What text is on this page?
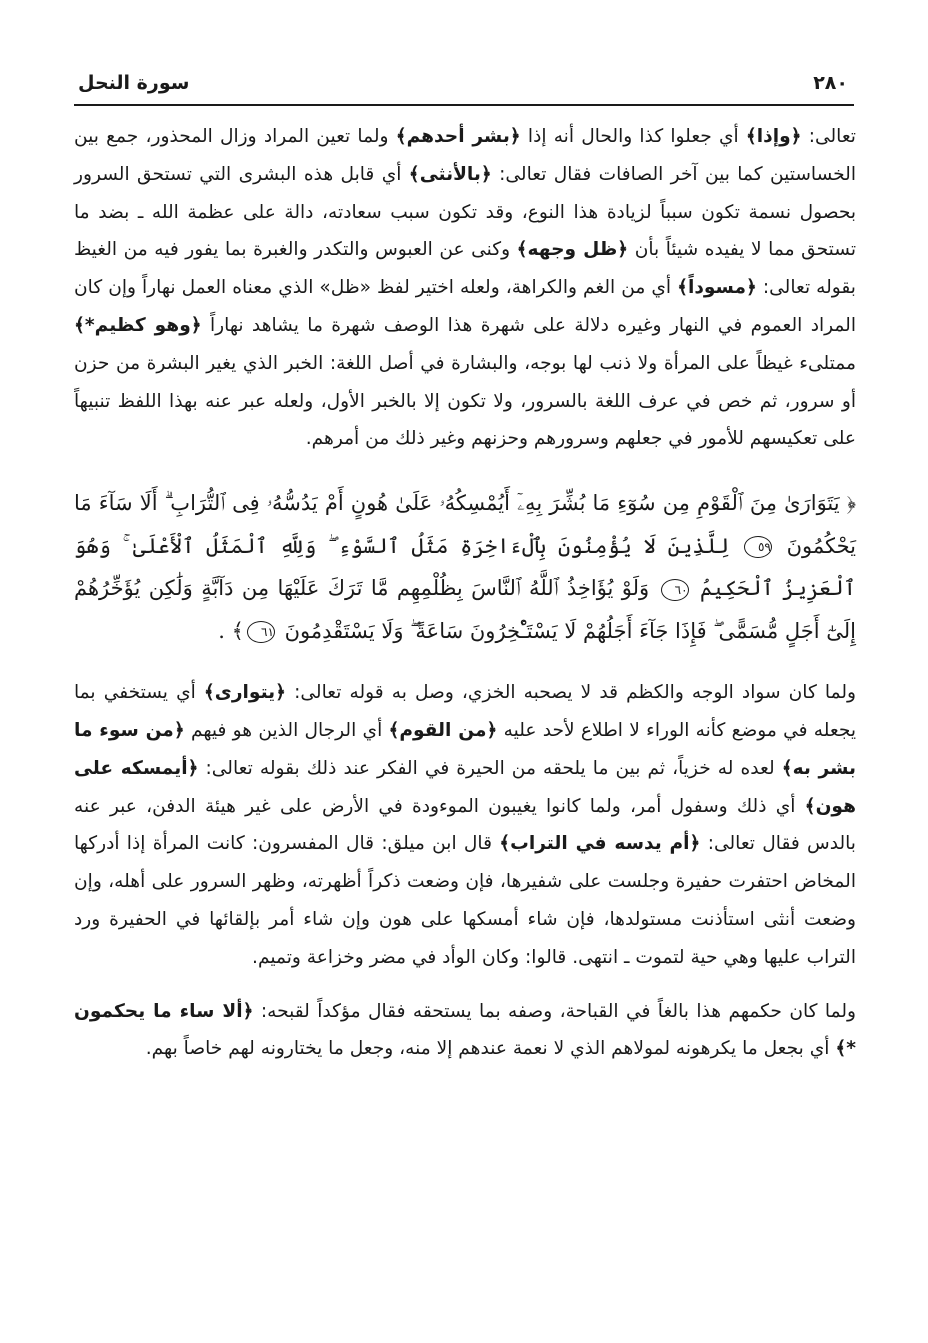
٢٨٠
سورة النحل

تعالى: ﴿وإذا﴾ أي جعلوا كذا والحال أنه إذا ﴿بشر أحدهم﴾ ولما تعين المراد وزال المحذور، جمع بين الخساستين كما بين آخر الصافات فقال تعالى: ﴿بالأنثى﴾ أي قابل هذه البشرى التي تستحق السرور بحصول نسمة تكون سبباً لزيادة هذا النوع، وقد تكون سبب سعادته، دالة على عظمة الله ـ بضد ما تستحق مما لا يفيده شيئاً بأن ﴿ظل وجهه﴾ وكنى عن العبوس والتكدر والغبرة بما يفور فيه من الغيظ بقوله تعالى: ﴿مسوداً﴾ أي من الغم والكراهة، ولعله اختير لفظ «ظل» الذي معناه العمل نهاراً وإن كان المراد العموم في النهار وغيره دلالة على شهرة هذا الوصف شهرة ما يشاهد نهاراً ﴿وهو كظيم*﴾ ممتلىء غيظاً على المرأة ولا ذنب لها بوجه، والبشارة في أصل اللغة: الخبر الذي يغير البشرة من حزن أو سرور، ثم خص في عرف اللغة بالسرور، ولا تكون إلا بالخبر الأول، ولعله عبر عنه بهذا اللفظ تنبيهاً على تعكيسهم للأمور في جعلهم وسرورهم وحزنهم وغير ذلك من أمرهم.

﴿ يَتَوَارَىٰ مِنَ ٱلْقَوْمِ مِن سُوٓءِ مَا بُشِّرَ بِهِۦٓ أَيُمْسِكُهُۥ عَلَىٰ هُونٍ أَمْ يَدُسُّهُۥ فِى ٱلتُّرَابِ ۗ أَلَا سَآءَ مَا يَحْكُمُونَ ٥٩ لِلَّذِينَ لَا يُؤْمِنُونَ بِٱلْءَاخِرَةِ مَثَلُ ٱلسَّوْءِ ۖ وَلِلَّهِ ٱلْمَثَلُ ٱلْأَعْلَىٰ ۚ وَهُوَ ٱلْعَزِيزُ ٱلْحَكِيمُ ٦٠ وَلَوْ يُؤَاخِذُ ٱللَّهُ ٱلنَّاسَ بِظُلْمِهِم مَّا تَرَكَ عَلَيْهَا مِن دَآبَّةٍ وَلَٰكِن يُؤَخِّرُهُمْ إِلَىٰٓ أَجَلٍ مُّسَمًّى ۖ فَإِذَا جَآءَ أَجَلُهُمْ لَا يَسْتَـْٔخِرُونَ سَاعَةً ۖ وَلَا يَسْتَقْدِمُونَ ٦١﴾ .

ولما كان سواد الوجه والكظم قد لا يصحبه الخزي، وصل به قوله تعالى: ﴿يتوارى﴾ أي يستخفي بما يجعله في موضع كأنه الوراء لا اطلاع لأحد عليه ﴿من القوم﴾ أي الرجال الذين هو فيهم ﴿من سوء ما بشر به﴾ لعده له خزياً، ثم بين ما يلحقه من الحيرة في الفكر عند ذلك بقوله تعالى: ﴿أيمسكه على هون﴾ أي ذلك وسفول أمر، ولما كانوا يغيبون الموءودة في الأرض على غير هيئة الدفن، عبر عنه بالدس فقال تعالى: ﴿أم يدسه في التراب﴾ قال ابن ميلق: قال المفسرون: كانت المرأة إذا أدركها المخاض احتفرت حفيرة وجلست على شفيرها، فإن وضعت ذكراً أظهرته، وظهر السرور على أهله، وإن وضعت أنثى استأذنت مستولدها، فإن شاء أمسكها على هون وإن شاء أمر بإلقائها في الحفيرة ورد التراب عليها وهي حية لتموت ـ انتهى. قالوا: وكان الوأد في مضر وخزاعة وتميم.

ولما كان حكمهم هذا بالغاً في القباحة، وصفه بما يستحقه فقال مؤكداً لقبحه: ﴿ألا ساء ما يحكمون *﴾ أي بجعل ما يكرهونه لمولاهم الذي لا نعمة عندهم إلا منه، وجعل ما يختارونه لهم خاصاً بهم.
